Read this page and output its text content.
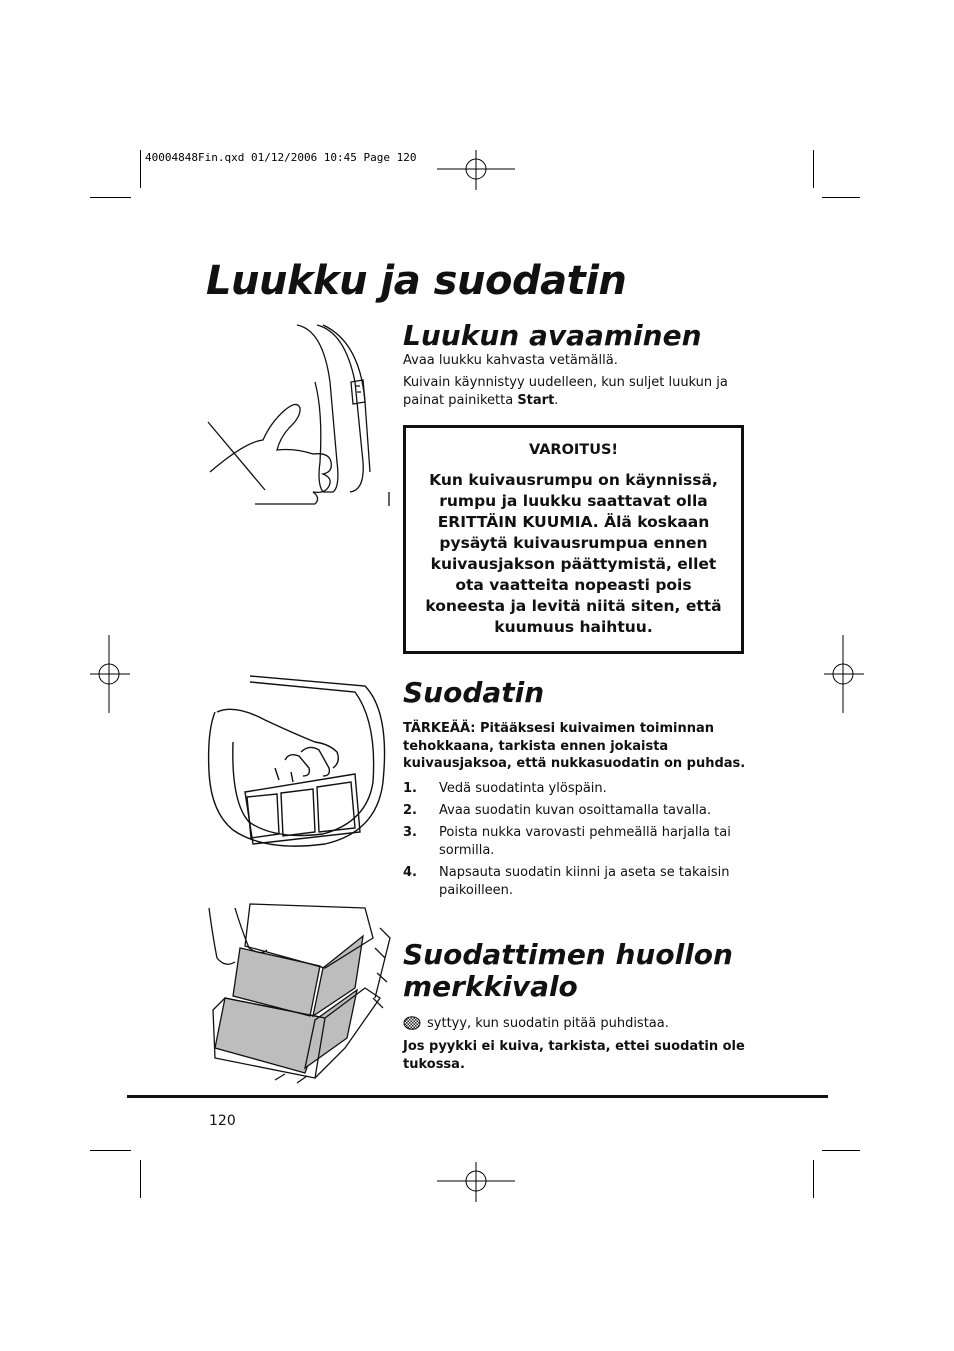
40004848Fin.qxd 01/12/2006 10:45 Page 120
Luukku ja suodatin
Luukun avaaminen

Avaa luukku kahvasta vetämällä.

Kuivain käynnistyy uudelleen, kun suljet luukun ja painat painiketta Start.

VAROITUS!
Kun kuivausrumpu on käynnissä, rumpu ja luukku saattavat olla ERITTÄIN KUUMIA. Älä koskaan pysäytä kuivausrumpua ennen kuivausjakson päättymistä, ellet ota vaatteita nopeasti pois koneesta ja levitä niitä siten, että kuumuus haihtuu.
Suodatin

TÄRKEÄÄ: Pitääksesi kuivaimen toiminnan tehokkaana, tarkista ennen jokaista kuivausjaksoa, että nukkasuodatin on puhdas.

1. Vedä suodatinta ylöspäin.
2. Avaa suodatin kuvan osoittamalla tavalla.
3. Poista nukka varovasti pehmeällä harjalla tai sormilla.
4. Napsauta suodatin kiinni ja aseta se takaisin paikoilleen.
Suodattimen huollon merkkivalo

syttyy, kun suodatin pitää puhdistaa.

Jos pyykki ei kuiva, tarkista, ettei suodatin ole tukossa.

120
